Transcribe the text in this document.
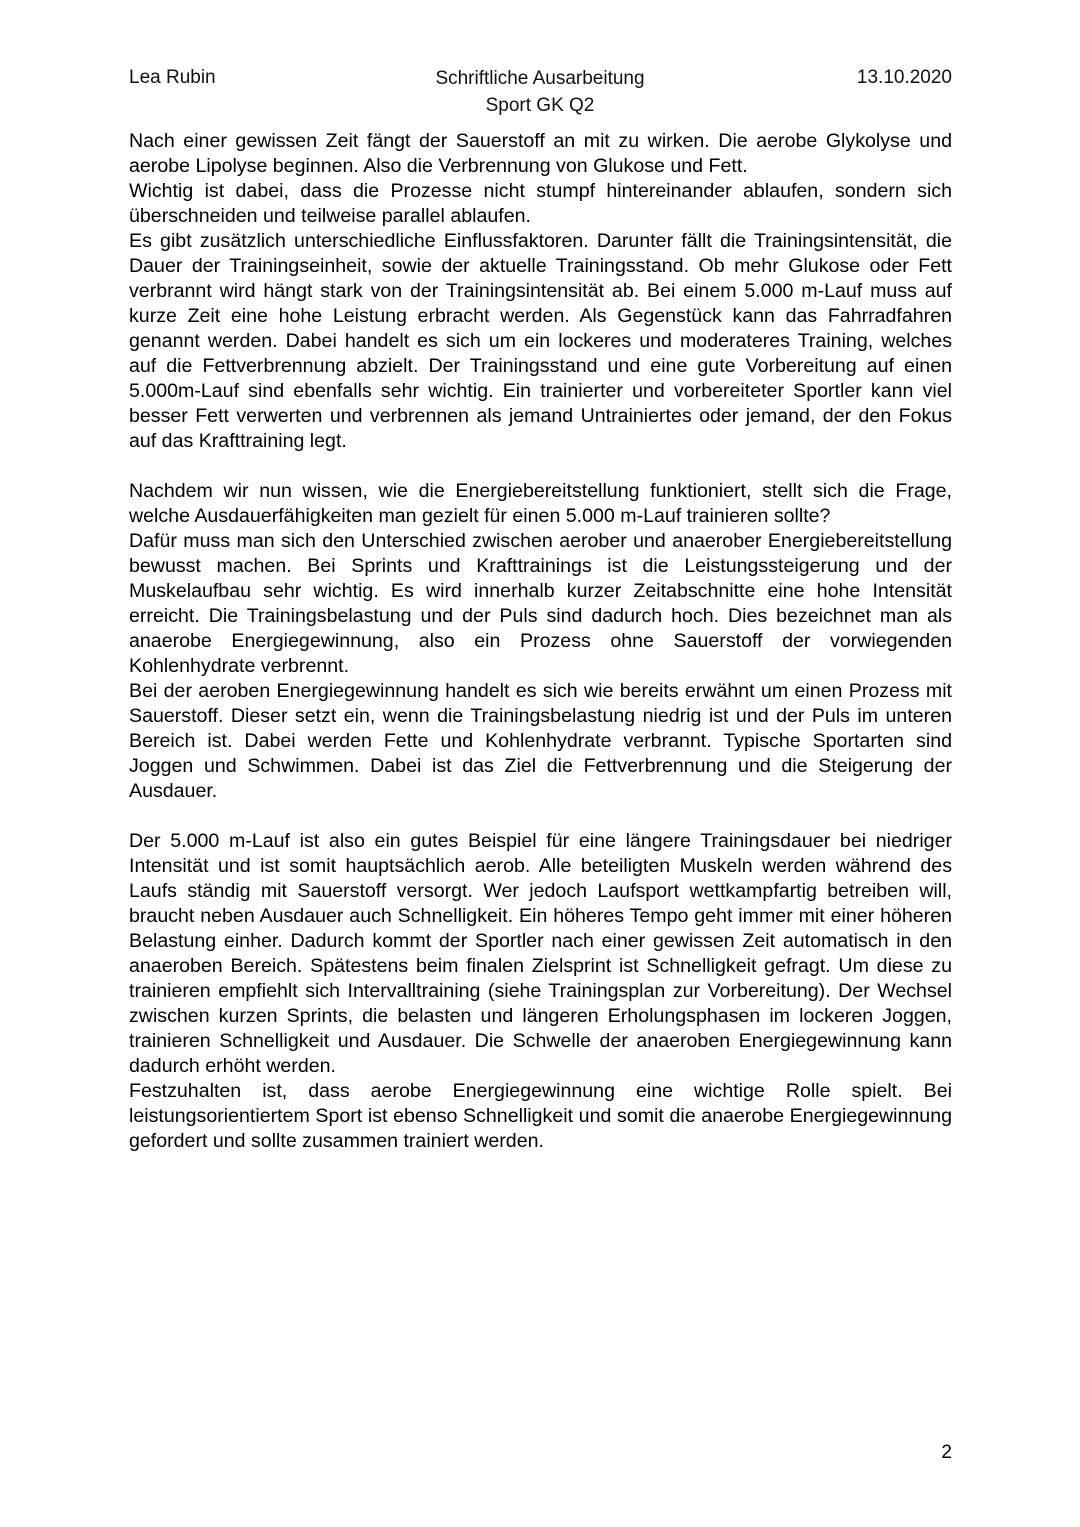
Lea Rubin	Schriftliche Ausarbeitung
Sport GK Q2
13.10.2020

Nach einer gewissen Zeit fängt der Sauerstoff an mit zu wirken. Die aerobe Glykolyse und aerobe Lipolyse beginnen. Also die Verbrennung von Glukose und Fett.

Wichtig ist dabei, dass die Prozesse nicht stumpf hintereinander ablaufen, sondern sich überschneiden und teilweise parallel ablaufen.

Es gibt zusätzlich unterschiedliche Einflussfaktoren. Darunter fällt die Trainingsintensität, die Dauer der Trainingseinheit, sowie der aktuelle Trainingsstand. Ob mehr Glukose oder Fett verbrannt wird hängt stark von der Trainingsintensität ab. Bei einem 5.000 m-Lauf muss auf kurze Zeit eine hohe Leistung erbracht werden. Als Gegenstück kann das Fahrradfahren genannt werden. Dabei handelt es sich um ein lockeres und moderateres Training, welches auf die Fettverbrennung abzielt. Der Trainingsstand und eine gute Vorbereitung auf einen 5.000m-Lauf sind ebenfalls sehr wichtig. Ein trainierter und vorbereiteter Sportler kann viel besser Fett verwerten und verbrennen als jemand Untrainiertes oder jemand, der den Fokus auf das Krafttraining legt.

Nachdem wir nun wissen, wie die Energiebereitstellung funktioniert, stellt sich die Frage, welche Ausdauerfähigkeiten man gezielt für einen 5.000 m-Lauf trainieren sollte?

Dafür muss man sich den Unterschied zwischen aerober und anaerober Energiebereitstellung bewusst machen. Bei Sprints und Krafttrainings ist die Leistungssteigerung und der Muskelaufbau sehr wichtig. Es wird innerhalb kurzer Zeitabschnitte eine hohe Intensität erreicht. Die Trainingsbelastung und der Puls sind dadurch hoch. Dies bezeichnet man als anaerobe Energiegewinnung, also ein Prozess ohne Sauerstoff der vorwiegenden Kohlenhydrate verbrennt.

Bei der aeroben Energiegewinnung handelt es sich wie bereits erwähnt um einen Prozess mit Sauerstoff. Dieser setzt ein, wenn die Trainingsbelastung niedrig ist und der Puls im unteren Bereich ist. Dabei werden Fette und Kohlenhydrate verbrannt. Typische Sportarten sind Joggen und Schwimmen. Dabei ist das Ziel die Fettverbrennung und die Steigerung der Ausdauer.

Der 5.000 m-Lauf ist also ein gutes Beispiel für eine längere Trainingsdauer bei niedriger Intensität und ist somit hauptsächlich aerob. Alle beteiligten Muskeln werden während des Laufs ständig mit Sauerstoff versorgt. Wer jedoch Laufsport wettkampfartig betreiben will, braucht neben Ausdauer auch Schnelligkeit. Ein höheres Tempo geht immer mit einer höheren Belastung einher. Dadurch kommt der Sportler nach einer gewissen Zeit automatisch in den anaeroben Bereich. Spätestens beim finalen Zielsprint ist Schnelligkeit gefragt. Um diese zu trainieren empfiehlt sich Intervalltraining (siehe Trainingsplan zur Vorbereitung). Der Wechsel zwischen kurzen Sprints, die belasten und längeren Erholungsphasen im lockeren Joggen, trainieren Schnelligkeit und Ausdauer. Die Schwelle der anaeroben Energiegewinnung kann dadurch erhöht werden.

Festzuhalten ist, dass aerobe Energiegewinnung eine wichtige Rolle spielt. Bei leistungsorientiertem Sport ist ebenso Schnelligkeit und somit die anaerobe Energiegewinnung gefordert und sollte zusammen trainiert werden.

2
